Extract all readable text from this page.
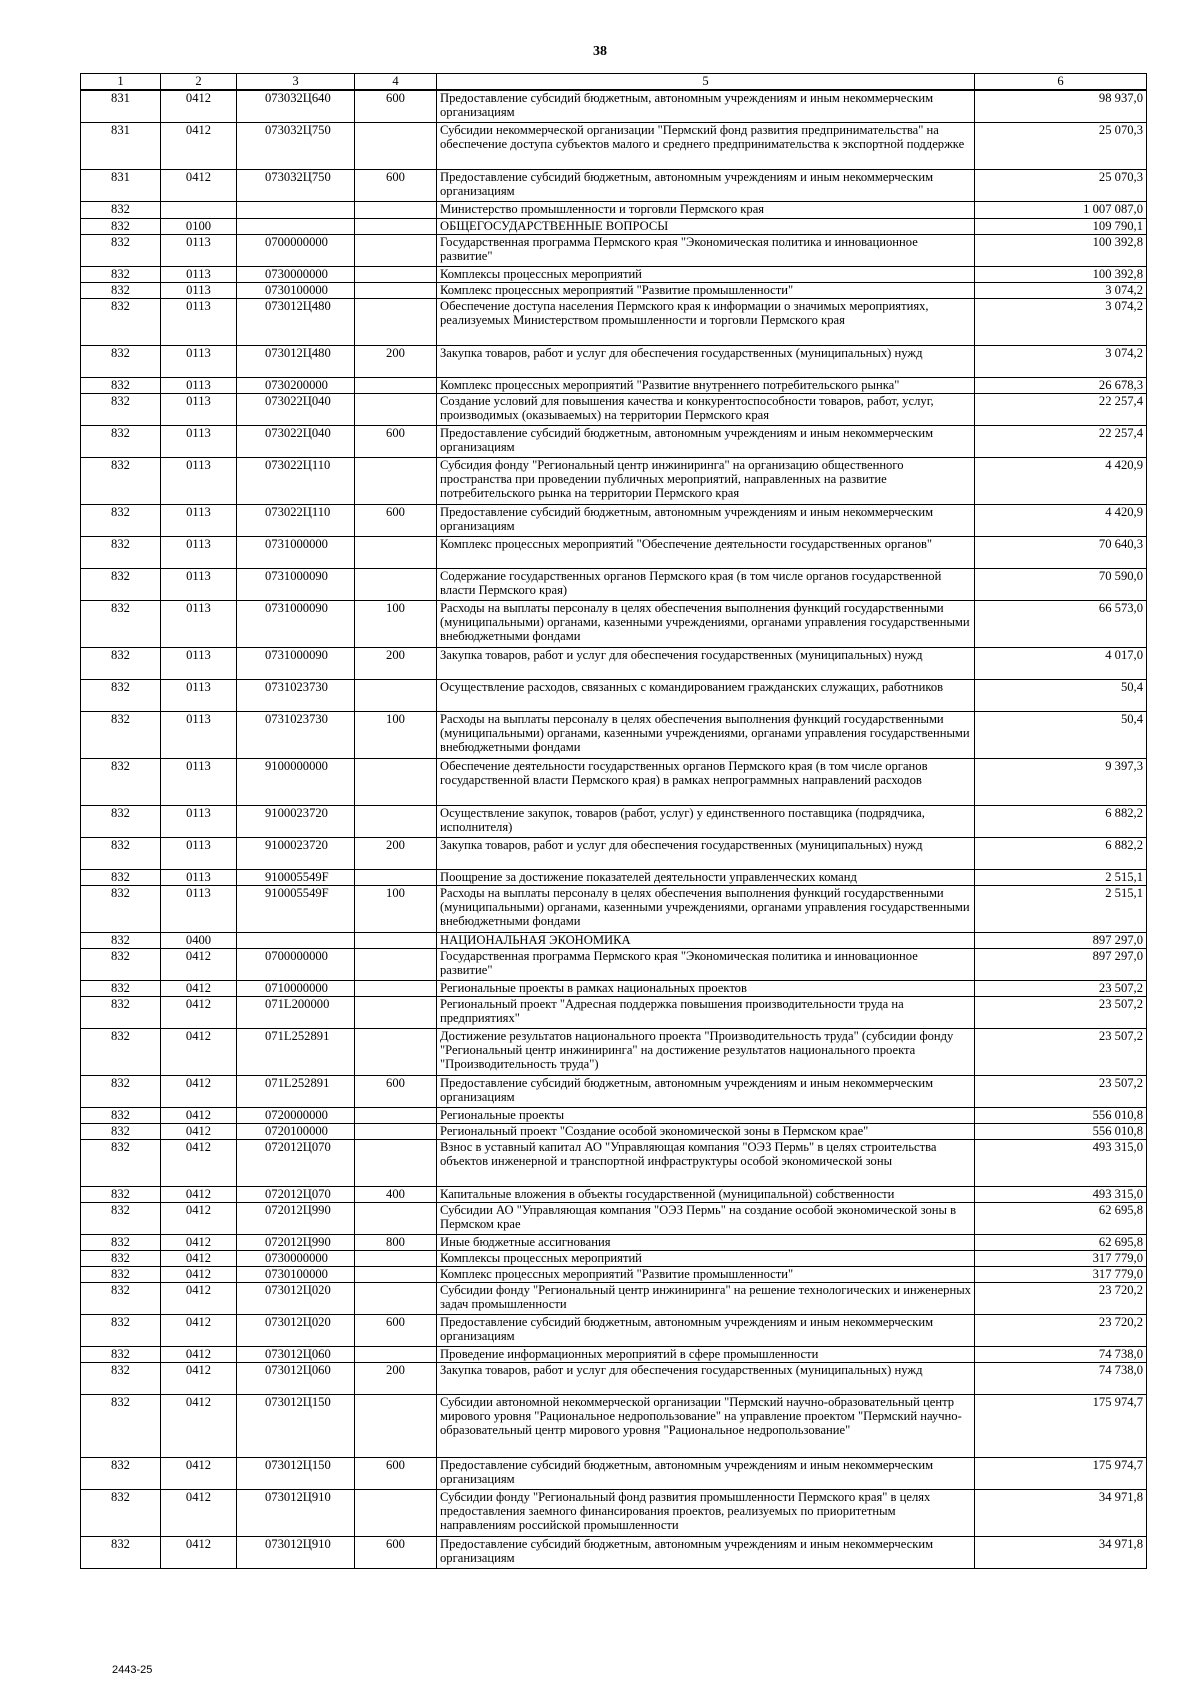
38
1	2	3	4	5	6
831	0412	073032Ц640	600	Предоставление субсидий бюджетным, автономным учреждениям и иным некоммерческим организациям	98 937,0
831	0412	073032Ц750		Субсидии некоммерческой организации "Пермский фонд развития предпринимательства" на обеспечение доступа субъектов малого и среднего предпринимательства к экспортной поддержке	25 070,3
831	0412	073032Ц750	600	Предоставление субсидий бюджетным, автономным учреждениям и иным некоммерческим организациям	25 070,3
832				Министерство промышленности и торговли Пермского края	1 007 087,0
832	0100			ОБЩЕГОСУДАРСТВЕННЫЕ ВОПРОСЫ	109 790,1
832	0113	0700000000		Государственная программа Пермского края "Экономическая политика и инновационное развитие"	100 392,8
832	0113	0730000000		Комплексы процессных мероприятий	100 392,8
832	0113	0730100000		Комплекс процессных мероприятий "Развитие промышленности"	3 074,2
832	0113	073012Ц480		Обеспечение доступа населения Пермского края к информации о значимых мероприятиях, реализуемых Министерством промышленности и торговли Пермского края	3 074,2
832	0113	073012Ц480	200	Закупка товаров, работ и услуг для обеспечения государственных (муниципальных) нужд	3 074,2
832	0113	0730200000		Комплекс процессных мероприятий "Развитие внутреннего потребительского рынка"	26 678,3
832	0113	073022Ц040		Создание условий для повышения качества и конкурентоспособности товаров, работ, услуг, производимых (оказываемых) на территории Пермского края	22 257,4
832	0113	073022Ц040	600	Предоставление субсидий бюджетным, автономным учреждениям и иным некоммерческим организациям	22 257,4
832	0113	073022Ц110		Субсидия фонду "Региональный центр инжиниринга" на организацию общественного пространства при проведении публичных мероприятий, направленных на развитие потребительского рынка на территории Пермского края	4 420,9
832	0113	073022Ц110	600	Предоставление субсидий бюджетным, автономным учреждениям и иным некоммерческим организациям	4 420,9
832	0113	0731000000		Комплекс процессных мероприятий "Обеспечение деятельности государственных органов"	70 640,3
832	0113	0731000090		Содержание государственных органов Пермского края (в том числе органов государственной власти Пермского края)	70 590,0
832	0113	0731000090	100	Расходы на выплаты персоналу в целях обеспечения выполнения функций государственными (муниципальными) органами, казенными учреждениями, органами управления государственными внебюджетными фондами	66 573,0
832	0113	0731000090	200	Закупка товаров, работ и услуг для обеспечения государственных (муниципальных) нужд	4 017,0
832	0113	0731023730		Осуществление расходов, связанных с командированием гражданских служащих, работников	50,4
832	0113	0731023730	100	Расходы на выплаты персоналу в целях обеспечения выполнения функций государственными (муниципальными) органами, казенными учреждениями, органами управления государственными внебюджетными фондами	50,4
832	0113	9100000000		Обеспечение деятельности государственных органов Пермского края (в том числе органов государственной власти Пермского края) в рамках непрограммных направлений расходов	9 397,3
832	0113	9100023720		Осуществление закупок, товаров (работ, услуг) у единственного поставщика (подрядчика, исполнителя)	6 882,2
832	0113	9100023720	200	Закупка товаров, работ и услуг для обеспечения государственных (муниципальных) нужд	6 882,2
832	0113	910005549F		Поощрение за достижение показателей деятельности управленческих команд	2 515,1
832	0113	910005549F	100	Расходы на выплаты персоналу в целях обеспечения выполнения функций государственными (муниципальными) органами, казенными учреждениями, органами управления государственными внебюджетными фондами	2 515,1
832	0400			НАЦИОНАЛЬНАЯ ЭКОНОМИКА	897 297,0
832	0412	0700000000		Государственная программа Пермского края "Экономическая политика и инновационное развитие"	897 297,0
832	0412	0710000000		Региональные проекты в рамках национальных проектов	23 507,2
832	0412	071L200000		Региональный проект "Адресная поддержка повышения производительности труда на предприятиях"	23 507,2
832	0412	071L252891		Достижение результатов национального проекта "Производительность труда" (субсидии фонду "Региональный центр инжиниринга" на достижение результатов национального проекта "Производительность труда")	23 507,2
832	0412	071L252891	600	Предоставление субсидий бюджетным, автономным учреждениям и иным некоммерческим организациям	23 507,2
832	0412	0720000000		Региональные проекты	556 010,8
832	0412	0720100000		Региональный проект "Создание особой экономической зоны в Пермском крае"	556 010,8
832	0412	072012Ц070		Взнос в уставный капитал АО "Управляющая компания "ОЭЗ Пермь" в целях строительства объектов инженерной и транспортной инфраструктуры особой экономической зоны	493 315,0
832	0412	072012Ц070	400	Капитальные вложения в объекты государственной (муниципальной) собственности	493 315,0
832	0412	072012Ц990		Субсидии АО "Управляющая компания "ОЭЗ Пермь" на создание особой экономической зоны в Пермском крае	62 695,8
832	0412	072012Ц990	800	Иные бюджетные ассигнования	62 695,8
832	0412	0730000000		Комплексы процессных мероприятий	317 779,0
832	0412	0730100000		Комплекс процессных мероприятий "Развитие промышленности"	317 779,0
832	0412	073012Ц020		Субсидии фонду "Региональный центр инжиниринга" на решение технологических и инженерных задач промышленности	23 720,2
832	0412	073012Ц020	600	Предоставление субсидий бюджетным, автономным учреждениям и иным некоммерческим организациям	23 720,2
832	0412	073012Ц060		Проведение информационных мероприятий в сфере промышленности	74 738,0
832	0412	073012Ц060	200	Закупка товаров, работ и услуг для обеспечения государственных (муниципальных) нужд	74 738,0
832	0412	073012Ц150		Субсидии автономной некоммерческой организации "Пермский научно-образовательный центр мирового уровня "Рациональное недропользование" на управление проектом "Пермский научно-образовательный центр мирового уровня "Рациональное недропользование"	175 974,7
832	0412	073012Ц150	600	Предоставление субсидий бюджетным, автономным учреждениям и иным некоммерческим организациям	175 974,7
832	0412	073012Ц910		Субсидии фонду "Региональный фонд развития промышленности Пермского края" в целях предоставления заемного финансирования проектов, реализуемых по приоритетным направлениям российской промышленности	34 971,8
832	0412	073012Ц910	600	Предоставление субсидий бюджетным, автономным учреждениям и иным некоммерческим организациям	34 971,8
2443-25
